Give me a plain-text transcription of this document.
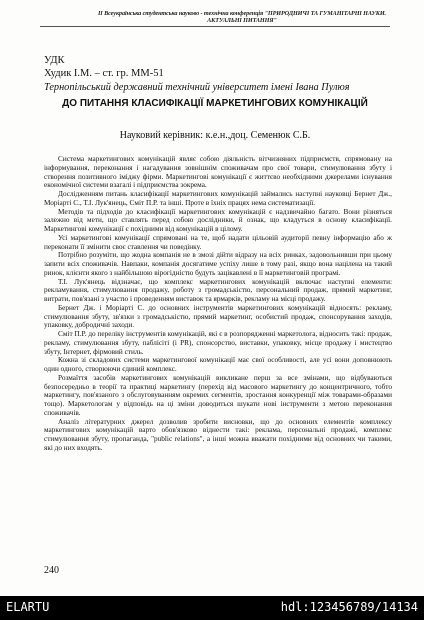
II Всеукраїнська студентська науково - технічна конференція "ПРИРОДНИЧІ ТА ГУМАНІТАРНІ НАУКИ.
АКТУАЛЬНІ ПИТАННЯ"
УДК
Худик І.М. – ст. гр. ММ-51
Тернопільський державний технічний університет імені Івана Пулюя
ДО ПИТАННЯ КЛАСИФІКАЦІЇ МАРКЕТИНГОВИХ КОМУНІКАЦІЙ
Науковий керівник: к.е.н.,доц. Семенюк С.Б.

Система маркетингових комунікацій являє собою діяльність вітчизняних підприємств, спрямовану на інформування, переконання і нагадування зовнішнім споживачам про свої товари, стимулювання збуту і створення позитивного іміджу фірми. Маркетингові комунікації є життєво необхідними джерелами існування економічної системи взагалі і підприємства зокрема.

Дослідженням питань класифікації маркетингових комунікацій займались наступні науковці Бернет Дж., Моріарті С., Т.І. Лук'янець, Сміт П.Р. та інші. Проте в їхніх працях нема систематизації.

Методів та підходів до класифікації маркетингових комунікацій є надзвичайно багато. Вони різняться залежно від мети, що ставлять перед собою дослідники, й ознак, що кладуться в основу класифікації. Маркетингові комунікації є похідними від комунікацій в цілому.

Усі маркетингові комунікації спрямовані на те, щоб надати цільовій аудиторії певну інформацію або ж переконати її змінити своє ставлення чи поведінку.

Потрібно розуміти, що жодна компанія не в змозі дійти відразу на всіх ринках, задовольнивши при цьому запити всіх споживачів. Навпаки, компанія досягатиме успіху лише в тому разі, якщо вона націлена на такий ринок, клієнти якого з найбільшою вірогідністю будуть зацікавлені в її маркетинговій програмі.

Т.І. Лук'янець відзначає, що комплекс маркетингових комунікацій включає наступні елементи: рекламування, стимулювання продажу, роботу з громадськістю, персональний продаж, прямий маркетинг, витрати, пов'язані з участю і проведенням виставок та ярмарків, рекламу на місці продажу.

Бернет Дж. і Моріарті С. до основних інструментів маркетингових комунікацій відносять: рекламу, стимулювання збуту, зв'язки з громадськістю, прямий маркетинг, особистий продаж, спонсорування заходів, упаковку, добродичні заходи.

Сміт П.Р. до переліку інструментів комунікацій, які є в розпорядженні маркетолога, відносить такі: продаж, рекламу, стимулювання збуту, паблісіті (і PR), спонсорство, виставки, упаковку, місце продажу і мистецтво збуту, Інтернет, фірмовий стиль.

Кожна зі складових системи маркетингової комунікації має свої особливості, але усі вони доповнюють один одного, створюючи єдиний комплекс.

Розмаїття засобів маркетингових комунікацій викликане перш за все змінами, що відбуваються безпосередньо в теорії та практиці маркетингу (перехід від масового маркетингу до концентричного, тобто маркетингу, пов'язаного з обслуговуванням окремих сегментів, зростання конкуренції між товарами-образами тощо). Маркетологам у відповідь на ці зміни доводиться шукати нові інструменти з метою переконання споживачів.

Аналіз літературних джерел дозволив зробити висновки, що до основних елементів комплексу маркетингових комунікацій варто обов'язково віднести такі: реклама, персональні продажі, комплекс стимулювання збуту, пропаганда, "public relations", а інші можна вважати похідними від основних чи такими, які до них входять.

240
ELARTU	hdl:123456789/14134
